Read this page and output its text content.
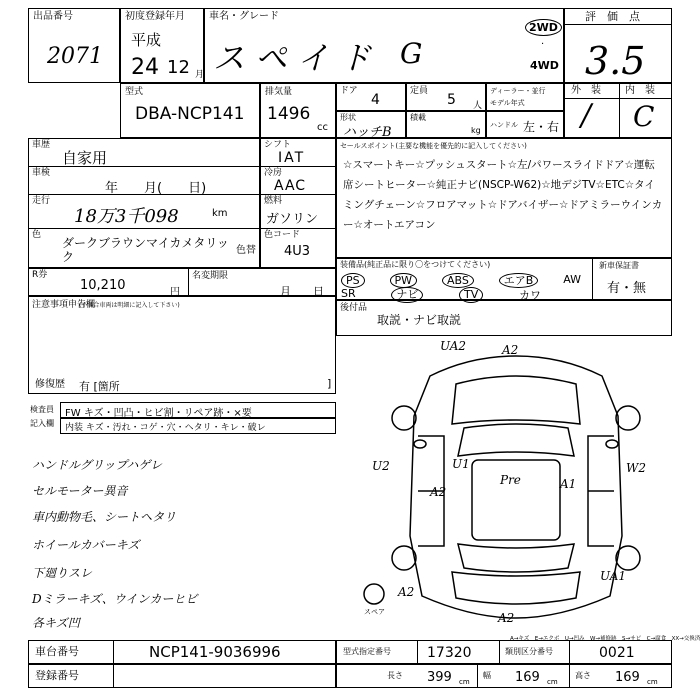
出品番号
2071
初度登録年月
平成
24 12 月
車名・グレード
スペイド G
2WD
·
4WD
評　価　点
3.5
型式
DBA-NCP141
排気量
1496
cc
ドア
4
定員
5 人
ディーラー・並行
形状
ハッチB
積載
kg
モデル年式
ハンドル 左・右
外　装 内　装
/ C
車歴
自家用
車検
年　　月(　　日)
走行
18万3千098	km
色
ダークブラウンマイカメタリック	色替
R券
10,210	円
名変期限
月　　日
シフト
IAT
冷房
AAC
燃料
ガソリン
色コード
4U3
セールスポイント(主要な機能を優先的に記入してください)
☆スマートキー☆プッシュスタート☆左/パワースライドドア☆運転席シートヒーター☆純正ナビ(NSCP-W62)☆地デジTV☆ETC☆タイミングチェーン☆フロアマット☆ドアバイザー☆ドアミラーウインカー☆オートエアコン
装備品(純正品に限り〇をつけてください)
PS	PW	ABS	エアB	AW
SR	ナビ	TV	カワ
新車保証書
有・無
後付品
取説・ナビ取説
注意事項申告欄
(不具合車両は明細に記入して下さい)
修復歴 有 [箇所	]
検査員
記入欄
FW キズ・凹凸・ヒビ割・リペア跡・×要
内装 キズ・汚れ・コゲ・穴・ヘタリ・キレ・破レ
ハンドルグリップハゲレ
セルモーター異音
車内動物毛、シートヘタリ
ホイールカバーキズ
下廻りスレ
Dミラーキズ、ウインカーヒビ
各キズ凹
UA2	A2
U2	U1	W2
A2
Pre	A1
A2
UA1
A2
スペア
A→キズ　E→エクボ　U→凹み　W→補修跡　S→サビ　C→腐食　XX→交換済
車台番号	NCP141-9036996
登録番号
型式指定番号	17320	類別区分番号	0021
長さ 399 cm
幅 169 cm
高さ 169 cm
